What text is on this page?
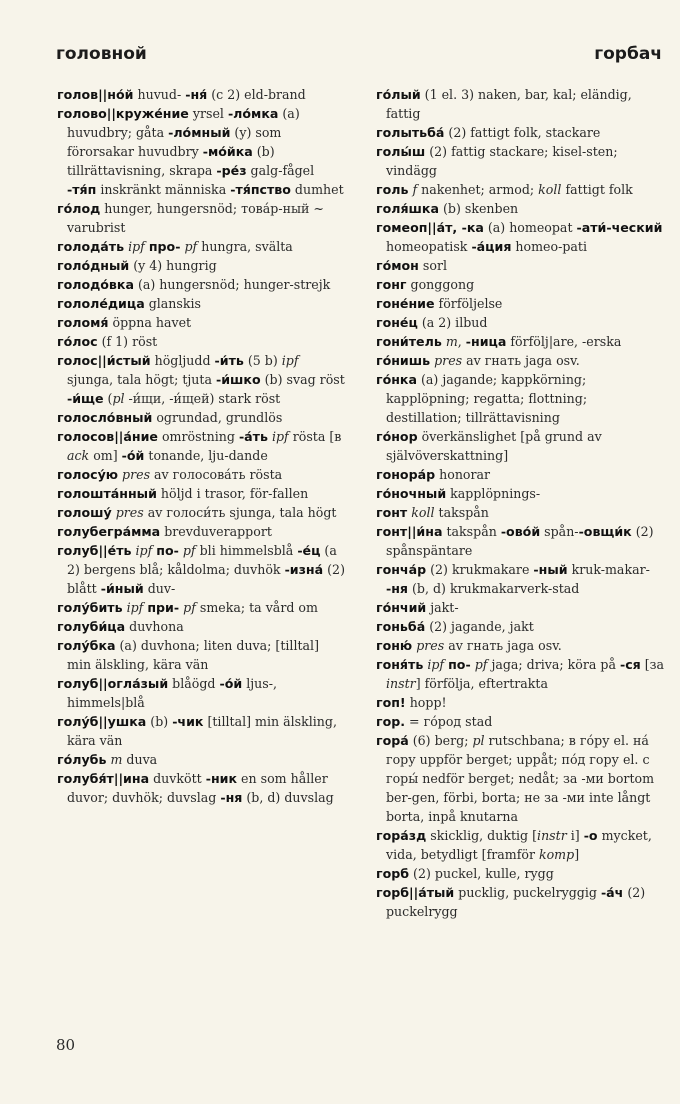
головной	горбач

голов||но́й huvud- -ня́ (c 2) eld-brand

голово||круже́ние yrsel -ло́мка (a) huvudbry; gåta -ло́мный (y) som förorsakar huvudbry -мо́йка (b) tillrättavisning, skrapa -ре́з galg-fågel -тя́п inskränkt människa -тя́пство dumhet

го́лод hunger, hungersnöd; това́р-ный ~ varubrist

голода́ть ipf про- pf hungra, svälta

голо́дный (y 4) hungrig

голодо́вка (a) hungersnöd; hunger-strejk

гололе́дица glanskis

голомя́ öppna havet

го́лос (f 1) röst

голос||и́стый högljudd -и́ть (5 b) ipf sjunga, tala högt; tjuta -и́шко (b) svag röst -и́ще (pl -и́щи, -и́щей) stark röst

голосло́вный ogrundad, grundlös

голосов||а́ние omröstning -а́ть ipf rösta [в ack om] -о́й tonande, lju-dande

голосу́ю pres av голосова́ть rösta

голошта́нный höljd i trasor, för-fallen

голошу́ pres av голоси́ть sjunga, tala högt

голубегра́мма brevduverapport

голуб||е́ть ipf по- pf bli himmelsblå -е́ц (a 2) bergens blå; kåldolma; duvhök -изна́ (2) blått -и́ный duv-

голу́бить ipf при- pf smeka; ta vård om

голуби́ца duvhona

голу́бка (a) duvhona; liten duva; [tilltal] min älskling, kära vän

голуб||огла́зый blåögd -о́й ljus-, himmels|blå

голу́б||ушка (b) -чик [tilltal] min älskling, kära vän

го́лубь m duva

голубя́т||ина duvkött -ник en som håller duvor; duvhök; duvslag -ня (b, d) duvslag

го́лый (1 el. 3) naken, bar, kal; eländig, fattig

голытьба́ (2) fattigt folk, stackare

голы́ш (2) fattig stackare; kisel-sten; vindägg

голь f nakenhet; armod; koll fattigt folk

голя́шка (b) skenben

гомеоп||а́т, -ка (a) homeopat -ати́-ческий homeopatisk -а́ция homeo-pati

го́мон sorl

гонг gonggong

гоне́ние förföljelse

гоне́ц (a 2) ilbud

гони́тель m, -ница förfölj|are, -erska

го́нишь pres av гнать jaga osv.

го́нка (a) jagande; kappkörning; kapplöpning; regatta; flottning; destillation; tillrättavisning

го́нор överkänslighet [på grund av självöverskattning]

гонора́р honorar

го́ночный kapplöpnings-

гонт koll takspån

гонт||и́на takspån -ово́й spån--овщи́к (2) spånspäntare

гонча́р (2) krukmakare -ный kruk-makar- -ня (b, d) krukmakarverk-stad

го́нчий jakt-

гоньба́ (2) jagande, jakt

гоню́ pres av гнать jaga osv.

гоня́ть ipf по- pf jaga; driva; köra på -ся [за instr] förfölja, eftertrakta

гоп! hopp!

гор. = го́род stad

гора́ (6) berg; pl rutschbana; в го́ру el. на́ гору uppför berget; uppåt; по́д гору el. с горы́ nedför berget; nedåt; за -ми bortom ber-gen, förbi, borta; не за -ми inte långt borta, inpå knutarna

гора́зд skicklig, duktig [instr i] -о mycket, vida, betydligt [framför komp]

горб (2) puckel, kulle, rygg

горб||а́тый pucklig, puckelryggig -а́ч (2) puckelrygg

80
